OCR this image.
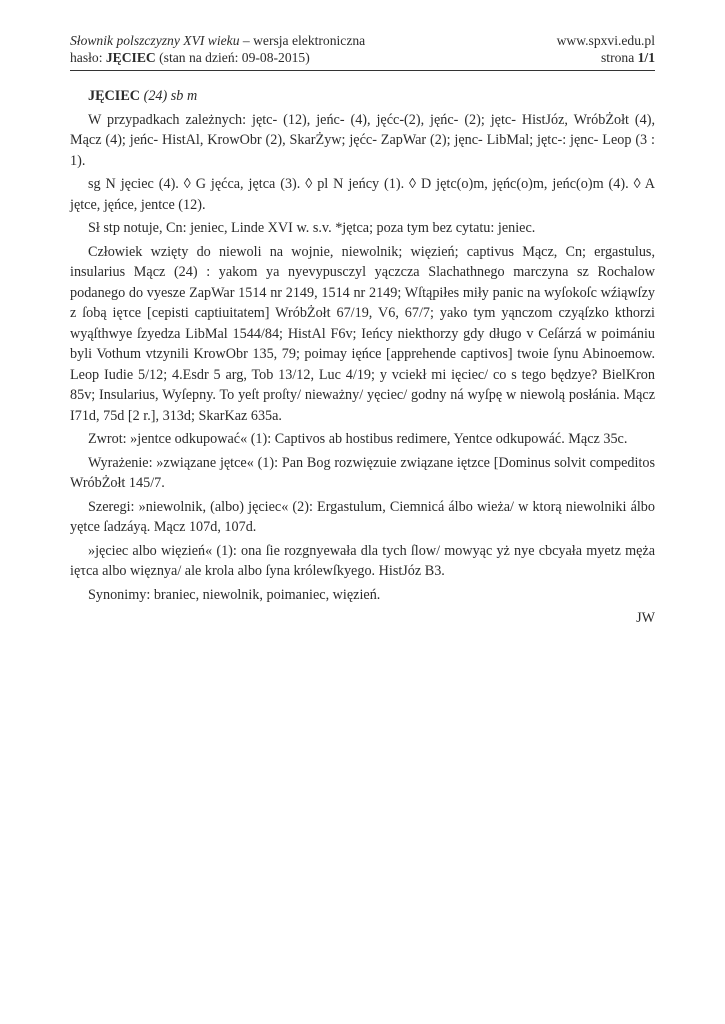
Słownik polszczyzny XVI wieku – wersja elektroniczna	www.spxvi.edu.pl
hasło: JĘCIEC (stan na dzień: 09-08-2015)	strona 1/1

JĘCIEC (24) sb m

W przypadkach zależnych: jętc- (12), jeńc- (4), jęćc-(2), jęńc- (2); jętc- HistJóz, WróbŻołt (4), Mącz (4); jeńc- HistAl, KrowObr (2), SkarŻyw; jęćc- ZapWar (2); jęnc- LibMal; jętc-: jęnc- Leop (3 : 1).

sg N jęciec (4). ◊ G jęćca, jętca (3). ◊ pl N jeńcy (1). ◊ D jętc(o)m, jęńc(o)m, jeńc(o)m (4). ◊ A jętce, jęńce, jentce (12).

Sł stp notuje, Cn: jeniec, Linde XVI w. s.v. *jętca; poza tym bez cytatu: jeniec.

Człowiek wzięty do niewoli na wojnie, niewolnik; więzień; captivus Mącz, Cn; ergastulus, insularius Mącz (24) : yakom ya nyevypusczyl yączcza Slachathnego marczyna sz Rochalow podanego do vyesze ZapWar 1514 nr 2149, 1514 nr 2149; Wſtąpiłes miły panic na wyſokoſc wźiąwſzy z ſobą ięτce [cepisti captiuitatem] WróbŻołt 67/19, V6, 67/7; yako tym yąnczom czyąſzko kthorzi wyąſthwye ſzyedza LibMal 1544/84; HistAl F6v; Ieńcy niekthorzy gdy długo v Ceſárzá w poimániu byli Vothum vtzynili KrowObr 135, 79; poimay ięńce [apprehende captivos] twoie ſynu Abinoemow. Leop Iudie 5/12; 4.Esdr 5 arg, Tob 13/12, Luc 4/19; y vciekł mi ięciec/ co s tego będzye? BielKron 85v; Insularius, Wyſepny. To yeſt proſty/ nieważny/ yęciec/ godny ná wyſpę w niewolą posłánia. Mącz I71d, 75d [2 r.], 313d; SkarKaz 635a.

Zwrot: »jentce odkupować« (1): Captivos ab hostibus redimere, Yentce odkupowáć. Mącz 35c.

Wyrażenie: »związane jętce« (1): Pan Bog rozwięzuie związane iętzce [Dominus solvit compeditos WróbŻołt 145/7.

Szeregi: »niewolnik, (albo) jęciec« (2): Ergastulum, Ciemnicá álbo wieża/ w ktorą niewolniki álbo yętce ſadzáyą. Mącz 107d, 107d.

»jęciec albo więzień« (1): ona ſie rozgnyewała dla tych ſlow/ mowyąc yż nye cbcyała myetz męża ięτca albo więznya/ ale krola albo ſyna królewſkyego. HistJóz B3.

Synonimy: braniec, niewolnik, poimaniec, więzień.

JW
